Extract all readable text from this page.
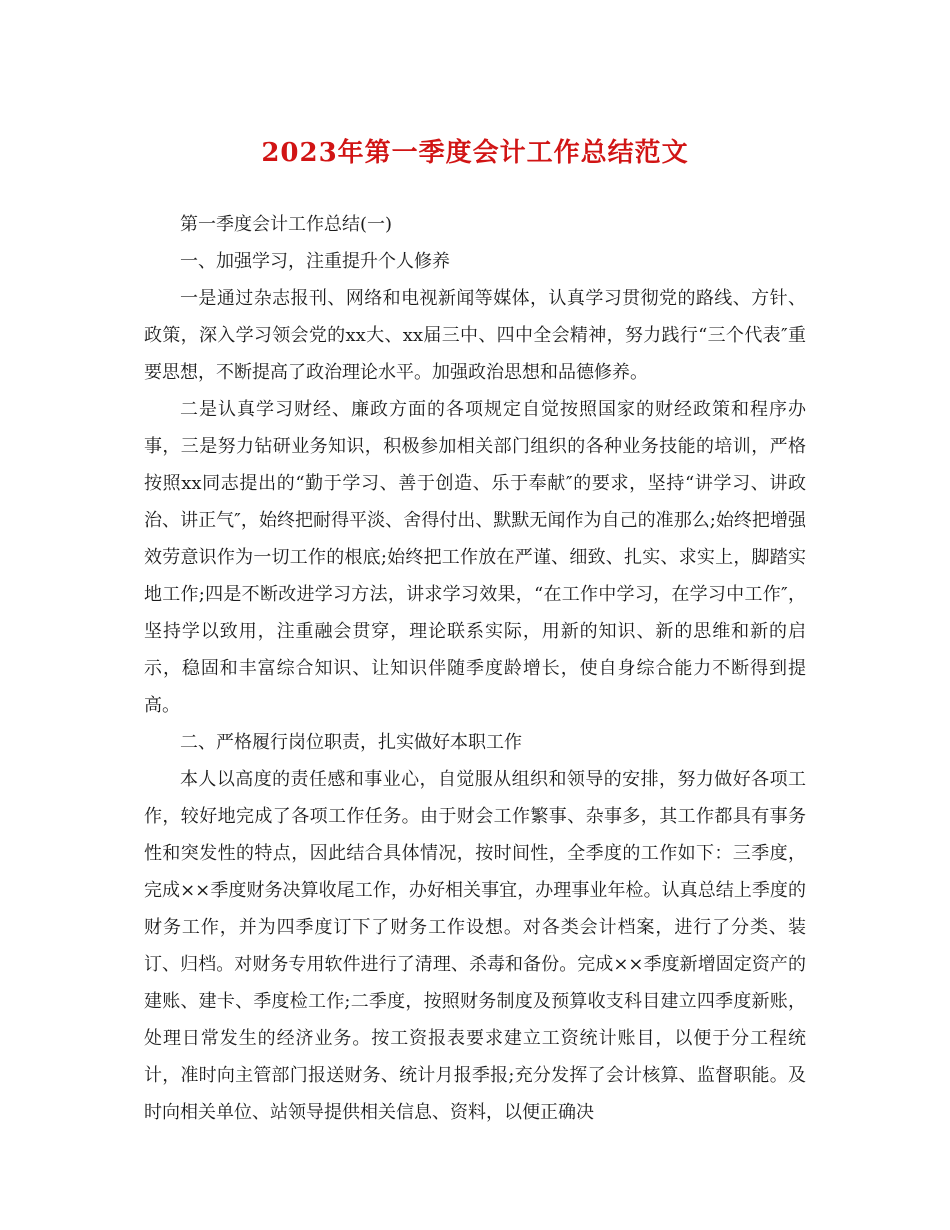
2023年第一季度会计工作总结范文

第一季度会计工作总结(一)

一、加强学习，注重提升个人修养

一是通过杂志报刊、网络和电视新闻等媒体，认真学习贯彻党的路线、方针、政策，深入学习领会党的xx大、xx届三中、四中全会精神，努力践行“三个代表″重要思想，不断提高了政治理论水平。加强政治思想和品德修养。

二是认真学习财经、廉政方面的各项规定自觉按照国家的财经政策和程序办事，三是努力钻研业务知识，积极参加相关部门组织的各种业务技能的培训，严格按照xx同志提出的“勤于学习、善于创造、乐于奉献″的要求，坚持“讲学习、讲政治、讲正气″，始终把耐得平淡、舍得付出、默默无闻作为自己的准那么;始终把增强效劳意识作为一切工作的根底;始终把工作放在严谨、细致、扎实、求实上，脚踏实地工作;四是不断改进学习方法，讲求学习效果，“在工作中学习，在学习中工作″，坚持学以致用，注重融会贯穿，理论联系实际，用新的知识、新的思维和新的启示，稳固和丰富综合知识、让知识伴随季度龄增长，使自身综合能力不断得到提高。

二、严格履行岗位职责，扎实做好本职工作

本人以高度的责任感和事业心，自觉服从组织和领导的安排，努力做好各项工作，较好地完成了各项工作任务。由于财会工作繁事、杂事多，其工作都具有事务性和突发性的特点，因此结合具体情况，按时间性，全季度的工作如下：三季度，完成××季度财务决算收尾工作，办好相关事宜，办理事业年检。认真总结上季度的财务工作，并为四季度订下了财务工作设想。对各类会计档案，进行了分类、装订、归档。对财务专用软件进行了清理、杀毒和备份。完成××季度新增固定资产的建账、建卡、季度检工作;二季度，按照财务制度及预算收支科目建立四季度新账，处理日常发生的经济业务。按工资报表要求建立工资统计账目，以便于分工程统计，准时向主管部门报送财务、统计月报季报;充分发挥了会计核算、监督职能。及时向相关单位、站领导提供相关信息、资料，以便正确决
